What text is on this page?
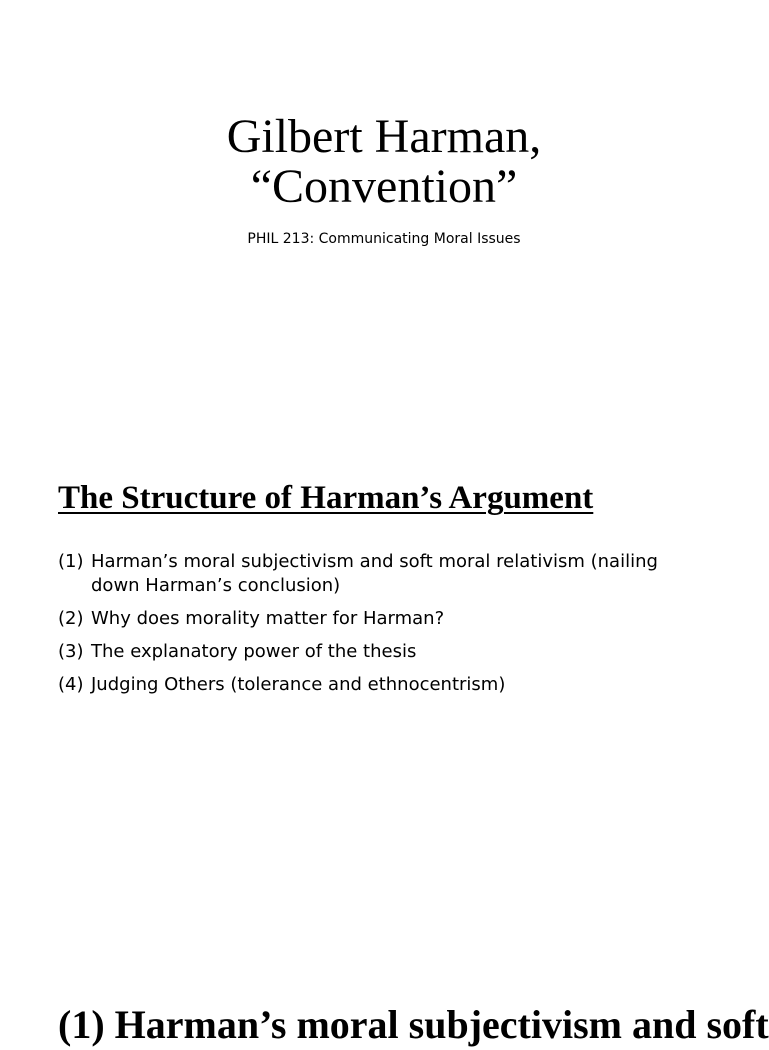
Gilbert Harman,
“Convention”
PHIL 213: Communicating Moral Issues
The Structure of Harman’s Argument
(1) Harman’s moral subjectivism and soft moral relativism (nailing down Harman’s conclusion)
(2) Why does morality matter for Harman?
(3) The explanatory power of the thesis
(4) Judging Others (tolerance and ethnocentrism)
(1) Harman’s moral subjectivism and soft
